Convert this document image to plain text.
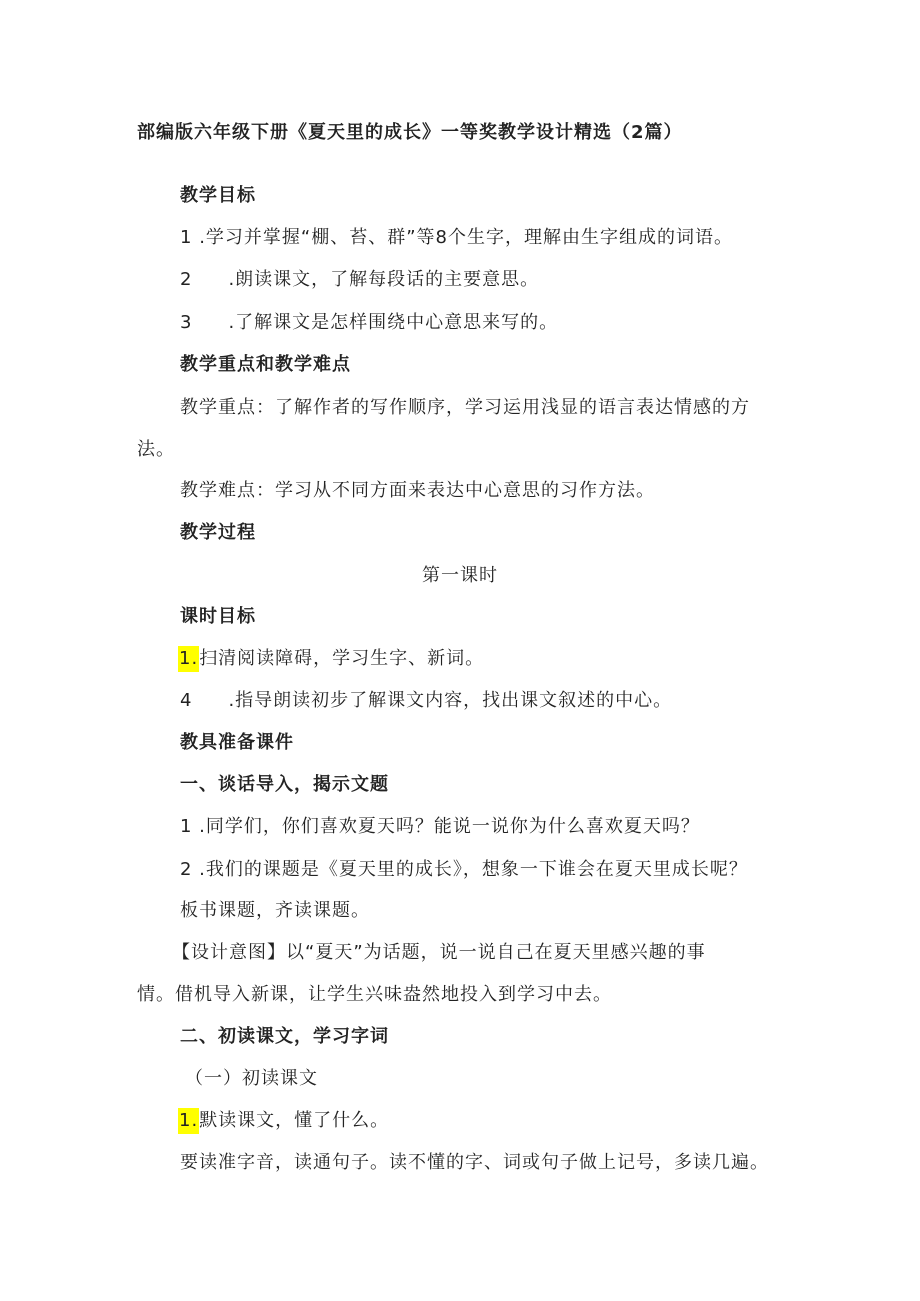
部编版六年级下册《夏天里的成长》一等奖教学设计精选（2篇）
教学目标
1 .学习并掌握“棚、苔、群”等8个生字，理解由生字组成的词语。
2 .朗读课文，了解每段话的主要意思。
3 .了解课文是怎样围绕中心意思来写的。
教学重点和教学难点
教学重点：了解作者的写作顺序，学习运用浅显的语言表达情感的方
法。
教学难点：学习从不同方面来表达中心意思的习作方法。
教学过程
第一课时
课时目标
1.扫清阅读障碍，学习生字、新词。
4 .指导朗读初步了解课文内容，找出课文叙述的中心。
教具准备课件
一、谈话导入，揭示文题
1 .同学们，你们喜欢夏天吗？能说一说你为什么喜欢夏天吗？
2 .我们的课题是《夏天里的成长》，想象一下谁会在夏天里成长呢？
板书课题，齐读课题。
【设计意图】以“夏天”为话题，说一说自己在夏天里感兴趣的事
情。借机导入新课，让学生兴味盎然地投入到学习中去。
二、初读课文，学习字词
（一）初读课文
1.默读课文，懂了什么。
要读准字音，读通句子。读不懂的字、词或句子做上记号，多读几遍。
